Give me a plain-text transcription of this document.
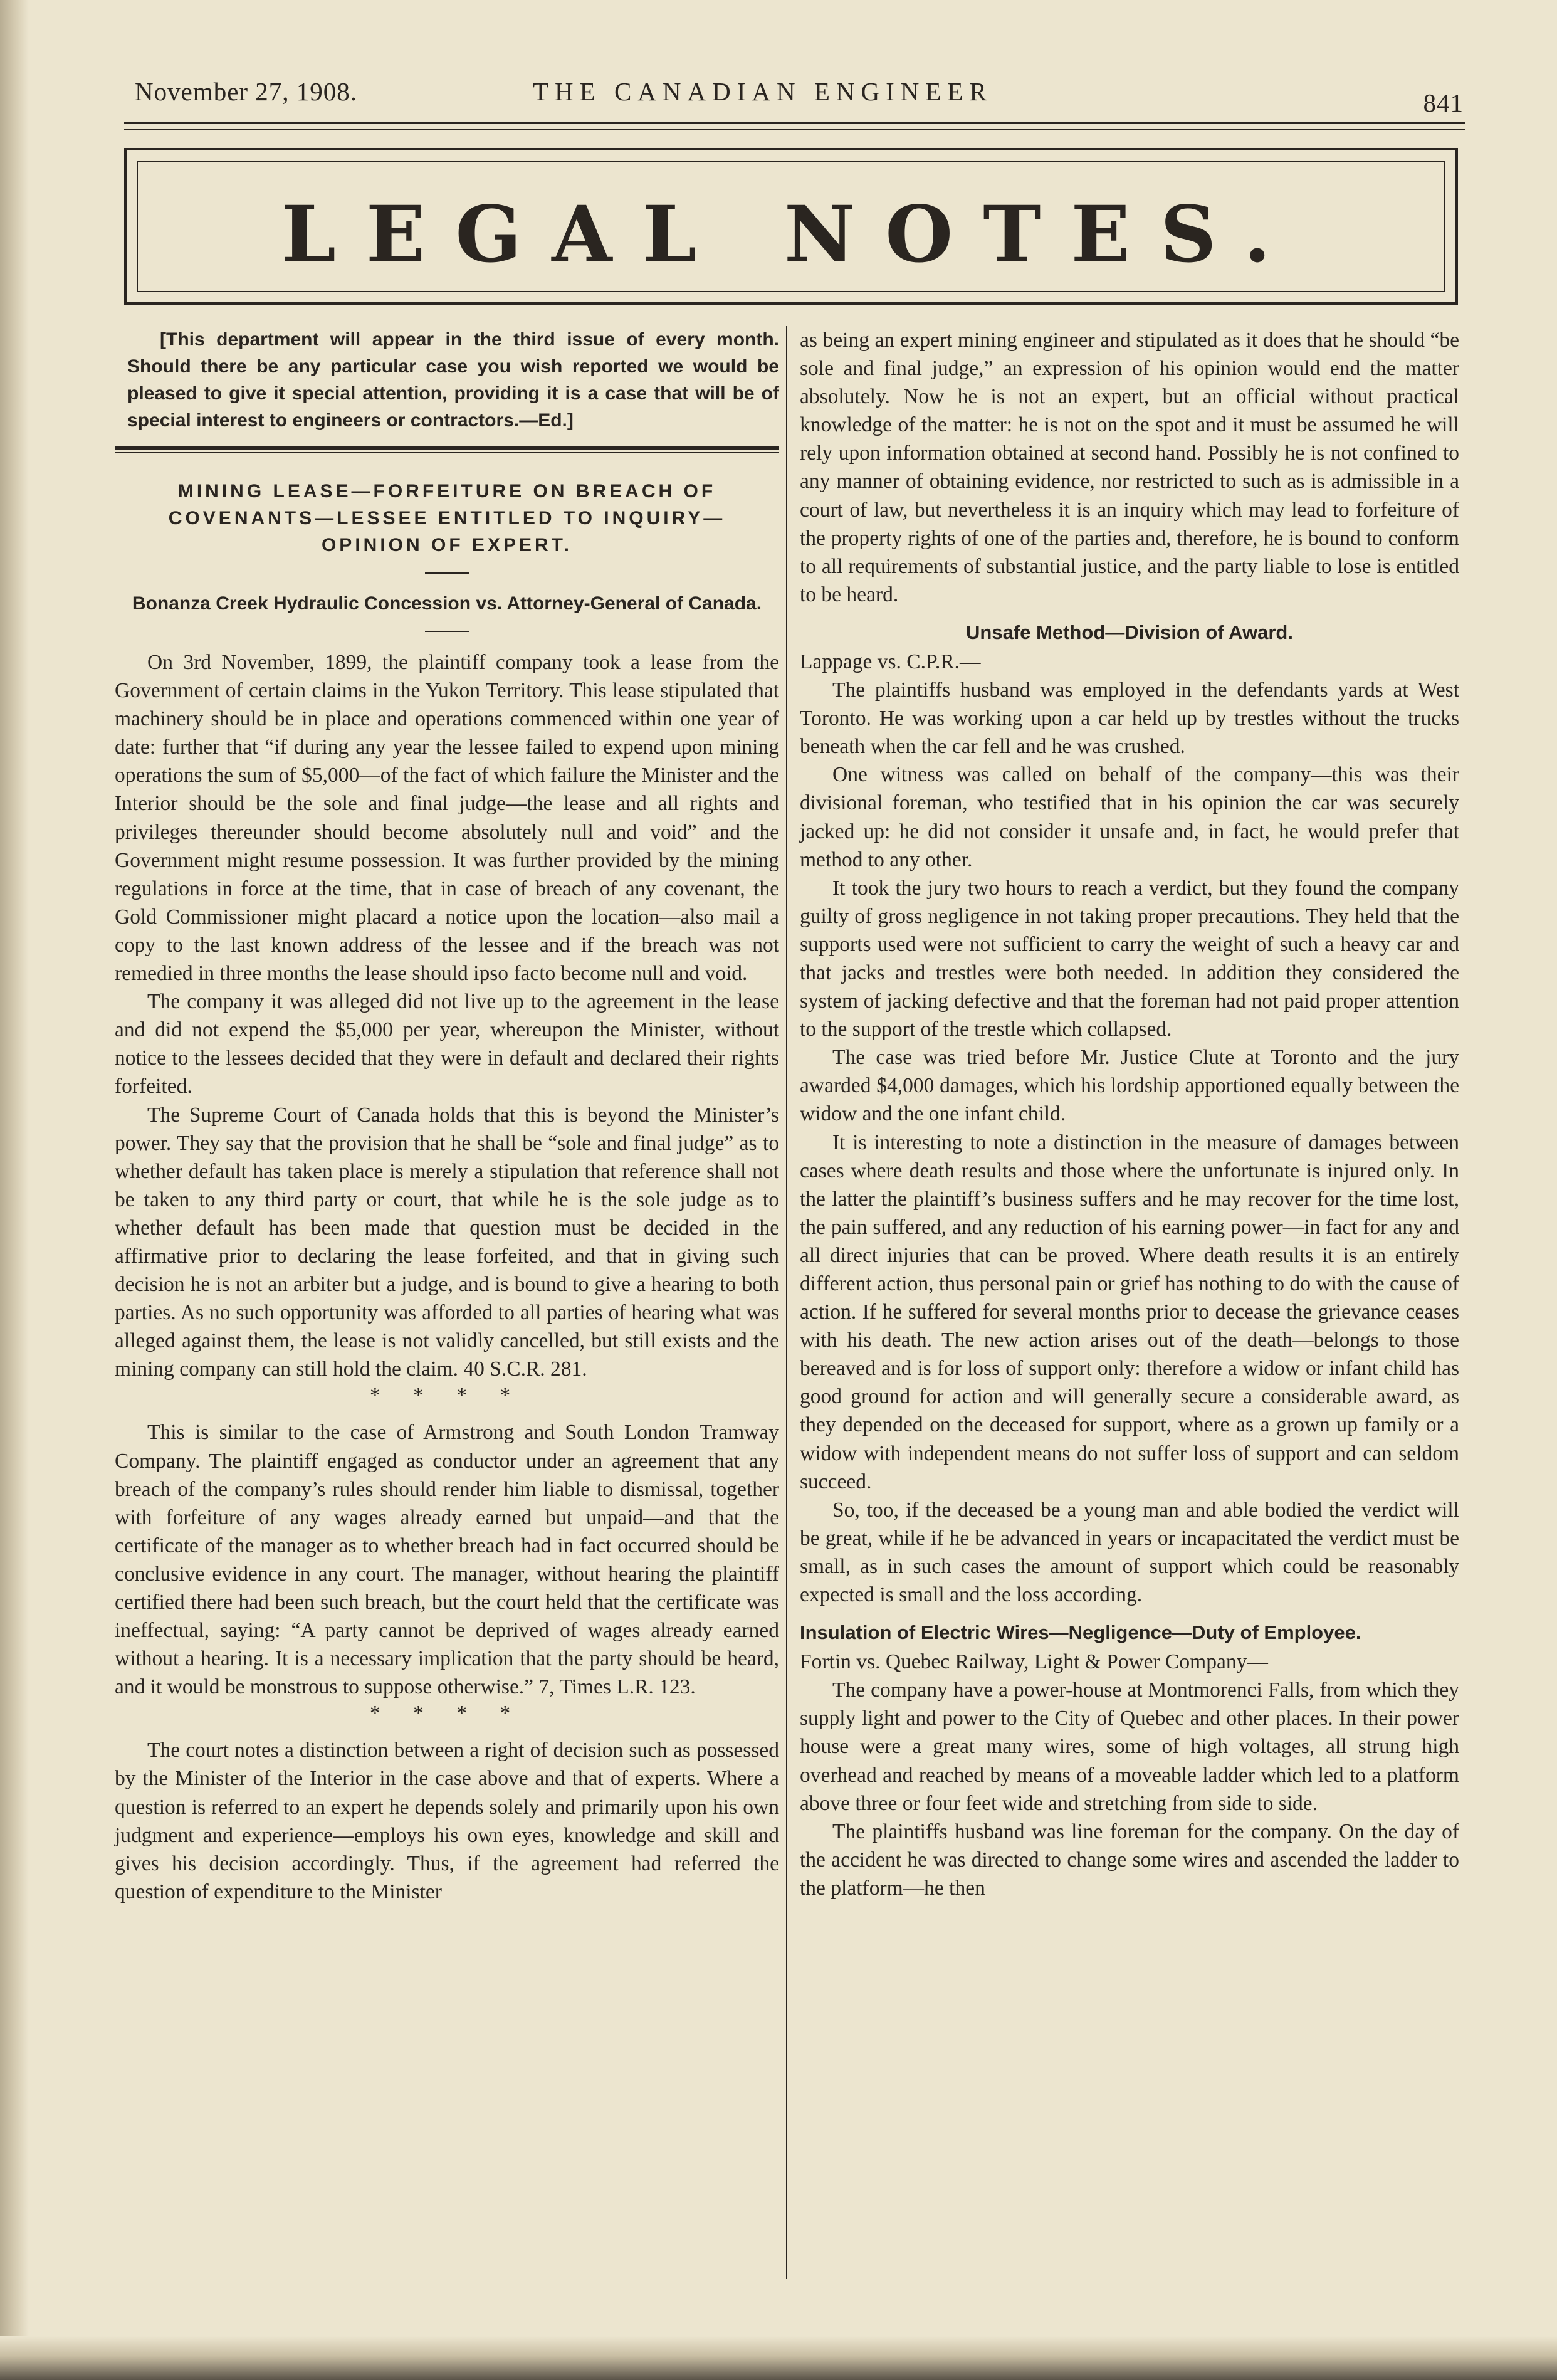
November 27, 1908.	THE CANADIAN ENGINEER	841
LEGAL NOTES.

[This department will appear in the third issue of every month. Should there be any particular case you wish reported we would be pleased to give it special attention, providing it is a case that will be of special interest to engineers or contractors.—Ed.]

MINING LEASE—FORFEITURE ON BREACH OF COVENANTS—LESSEE ENTITLED TO INQUIRY—OPINION OF EXPERT.
Bonanza Creek Hydraulic Concession vs. Attorney-General of Canada.

On 3rd November, 1899, the plaintiff company took a lease from the Government of certain claims in the Yukon Territory. This lease stipulated that machinery should be in place and operations commenced within one year of date: further that “if during any year the lessee failed to expend upon mining operations the sum of $5,000—of the fact of which failure the Minister and the Interior should be the sole and final judge—the lease and all rights and privileges thereunder should become absolutely null and void” and the Government might resume possession. It was further provided by the mining regulations in force at the time, that in case of breach of any covenant, the Gold Commissioner might placard a notice upon the location—also mail a copy to the last known address of the lessee and if the breach was not remedied in three months the lease should ipso facto become null and void.

The company it was alleged did not live up to the agreement in the lease and did not expend the $5,000 per year, whereupon the Minister, without notice to the lessees decided that they were in default and declared their rights forfeited.

The Supreme Court of Canada holds that this is beyond the Minister’s power. They say that the provision that he shall be “sole and final judge” as to whether default has taken place is merely a stipulation that reference shall not be taken to any third party or court, that while he is the sole judge as to whether default has been made that question must be decided in the affirmative prior to declaring the lease forfeited, and that in giving such decision he is not an arbiter but a judge, and is bound to give a hearing to both parties. As no such opportunity was afforded to all parties of hearing what was alleged against them, the lease is not validly cancelled, but still exists and the mining company can still hold the claim. 40 S.C.R. 281.

* * * *

This is similar to the case of Armstrong and South London Tramway Company. The plaintiff engaged as conductor under an agreement that any breach of the company’s rules should render him liable to dismissal, together with forfeiture of any wages already earned but unpaid—and that the certificate of the manager as to whether breach had in fact occurred should be conclusive evidence in any court. The manager, without hearing the plaintiff certified there had been such breach, but the court held that the certificate was ineffectual, saying: “A party cannot be deprived of wages already earned without a hearing. It is a necessary implication that the party should be heard, and it would be monstrous to suppose otherwise.” 7, Times L.R. 123.

* * * *

The court notes a distinction between a right of decision such as possessed by the Minister of the Interior in the case above and that of experts. Where a question is referred to an expert he depends solely and primarily upon his own judgment and experience—employs his own eyes, knowledge and skill and gives his decision accordingly. Thus, if the agreement had referred the question of expenditure to the Minister

as being an expert mining engineer and stipulated as it does that he should “be sole and final judge,” an expression of his opinion would end the matter absolutely. Now he is not an expert, but an official without practical knowledge of the matter: he is not on the spot and it must be assumed he will rely upon information obtained at second hand. Possibly he is not confined to any manner of obtaining evidence, nor restricted to such as is admissible in a court of law, but nevertheless it is an inquiry which may lead to forfeiture of the property rights of one of the parties and, therefore, he is bound to conform to all requirements of substantial justice, and the party liable to lose is entitled to be heard.

Unsafe Method—Division of Award.

Lappage vs. C.P.R.—

The plaintiffs husband was employed in the defendants yards at West Toronto. He was working upon a car held up by trestles without the trucks beneath when the car fell and he was crushed.

One witness was called on behalf of the company—this was their divisional foreman, who testified that in his opinion the car was securely jacked up: he did not consider it unsafe and, in fact, he would prefer that method to any other.

It took the jury two hours to reach a verdict, but they found the company guilty of gross negligence in not taking proper precautions. They held that the supports used were not sufficient to carry the weight of such a heavy car and that jacks and trestles were both needed. In addition they considered the system of jacking defective and that the foreman had not paid proper attention to the support of the trestle which collapsed.

The case was tried before Mr. Justice Clute at Toronto and the jury awarded $4,000 damages, which his lordship apportioned equally between the widow and the one infant child.

It is interesting to note a distinction in the measure of damages between cases where death results and those where the unfortunate is injured only. In the latter the plaintiff’s business suffers and he may recover for the time lost, the pain suffered, and any reduction of his earning power—in fact for any and all direct injuries that can be proved. Where death results it is an entirely different action, thus personal pain or grief has nothing to do with the cause of action. If he suffered for several months prior to decease the grievance ceases with his death. The new action arises out of the death—belongs to those bereaved and is for loss of support only: therefore a widow or infant child has good ground for action and will generally secure a considerable award, as they depended on the deceased for support, where as a grown up family or a widow with independent means do not suffer loss of support and can seldom succeed.

So, too, if the deceased be a young man and able bodied the verdict will be great, while if he be advanced in years or incapacitated the verdict must be small, as in such cases the amount of support which could be reasonably expected is small and the loss according.

Insulation of Electric Wires—Negligence—Duty of Employee.

Fortin vs. Quebec Railway, Light & Power Company—

The company have a power-house at Montmorenci Falls, from which they supply light and power to the City of Quebec and other places. In their power house were a great many wires, some of high voltages, all strung high overhead and reached by means of a moveable ladder which led to a platform above three or four feet wide and stretching from side to side.

The plaintiffs husband was line foreman for the company. On the day of the accident he was directed to change some wires and ascended the ladder to the platform—he then
